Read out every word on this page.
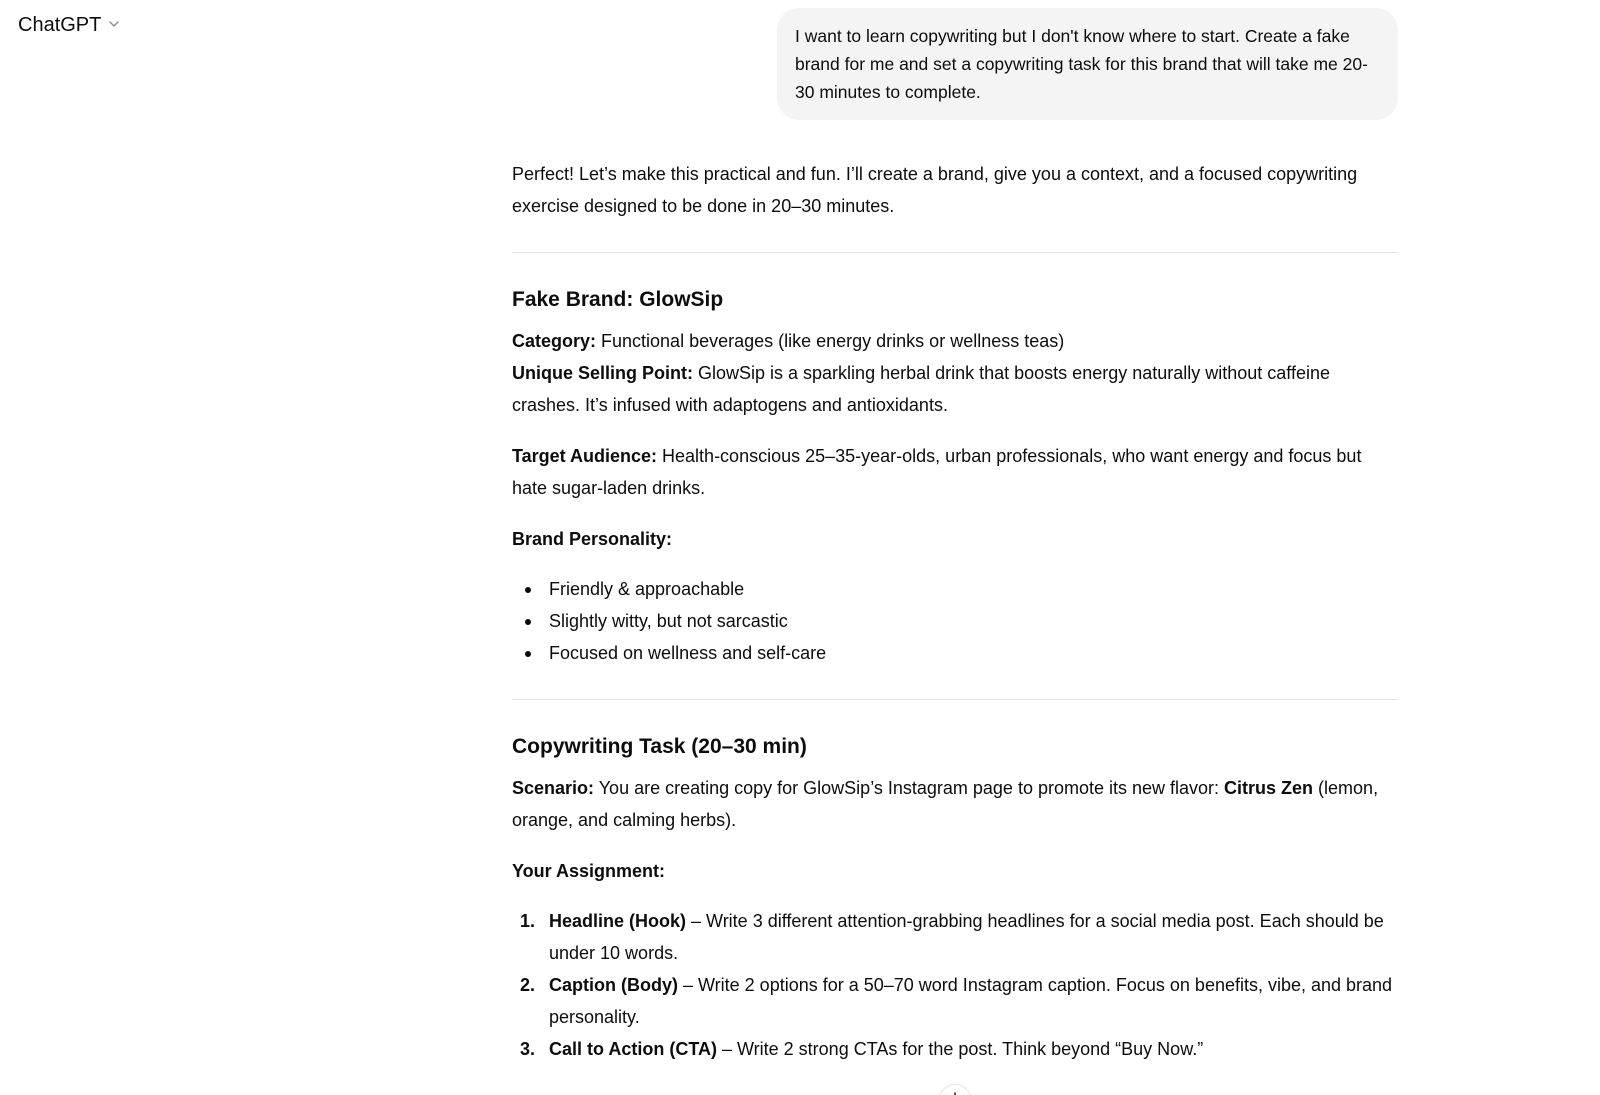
ChatGPT	I want to learn copywriting but I don't know where to start. Create a fake brand for me and set a copywriting task for this brand that will take me 20-30 minutes to complete.

Perfect! Let’s make this practical and fun. I’ll create a brand, give you a context, and a focused copywriting exercise designed to be done in 20–30 minutes.

Fake Brand: GlowSip

Category: Functional beverages (like energy drinks or wellness teas)

Unique Selling Point: GlowSip is a sparkling herbal drink that boosts energy naturally without caffeine crashes. It’s infused with adaptogens and antioxidants.

Target Audience: Health-conscious 25–35-year-olds, urban professionals, who want energy and focus but hate sugar-laden drinks.

Brand Personality:

Friendly & approachable
Slightly witty, but not sarcastic
Focused on wellness and self-care
Copywriting Task (20–30 min)

Scenario: You are creating copy for GlowSip’s Instagram page to promote its new flavor: Citrus Zen (lemon, orange, and calming herbs).

Your Assignment:

1. Headline (Hook) – Write 3 different attention-grabbing headlines for a social media post. Each should be under 10 words.
2. Caption (Body) – Write 2 options for a 50–70 word Instagram caption. Focus on benefits, vibe, and brand personality.
3. Call to Action (CTA) – Write 2 strong CTAs for the post. Think beyond “Buy Now.”
